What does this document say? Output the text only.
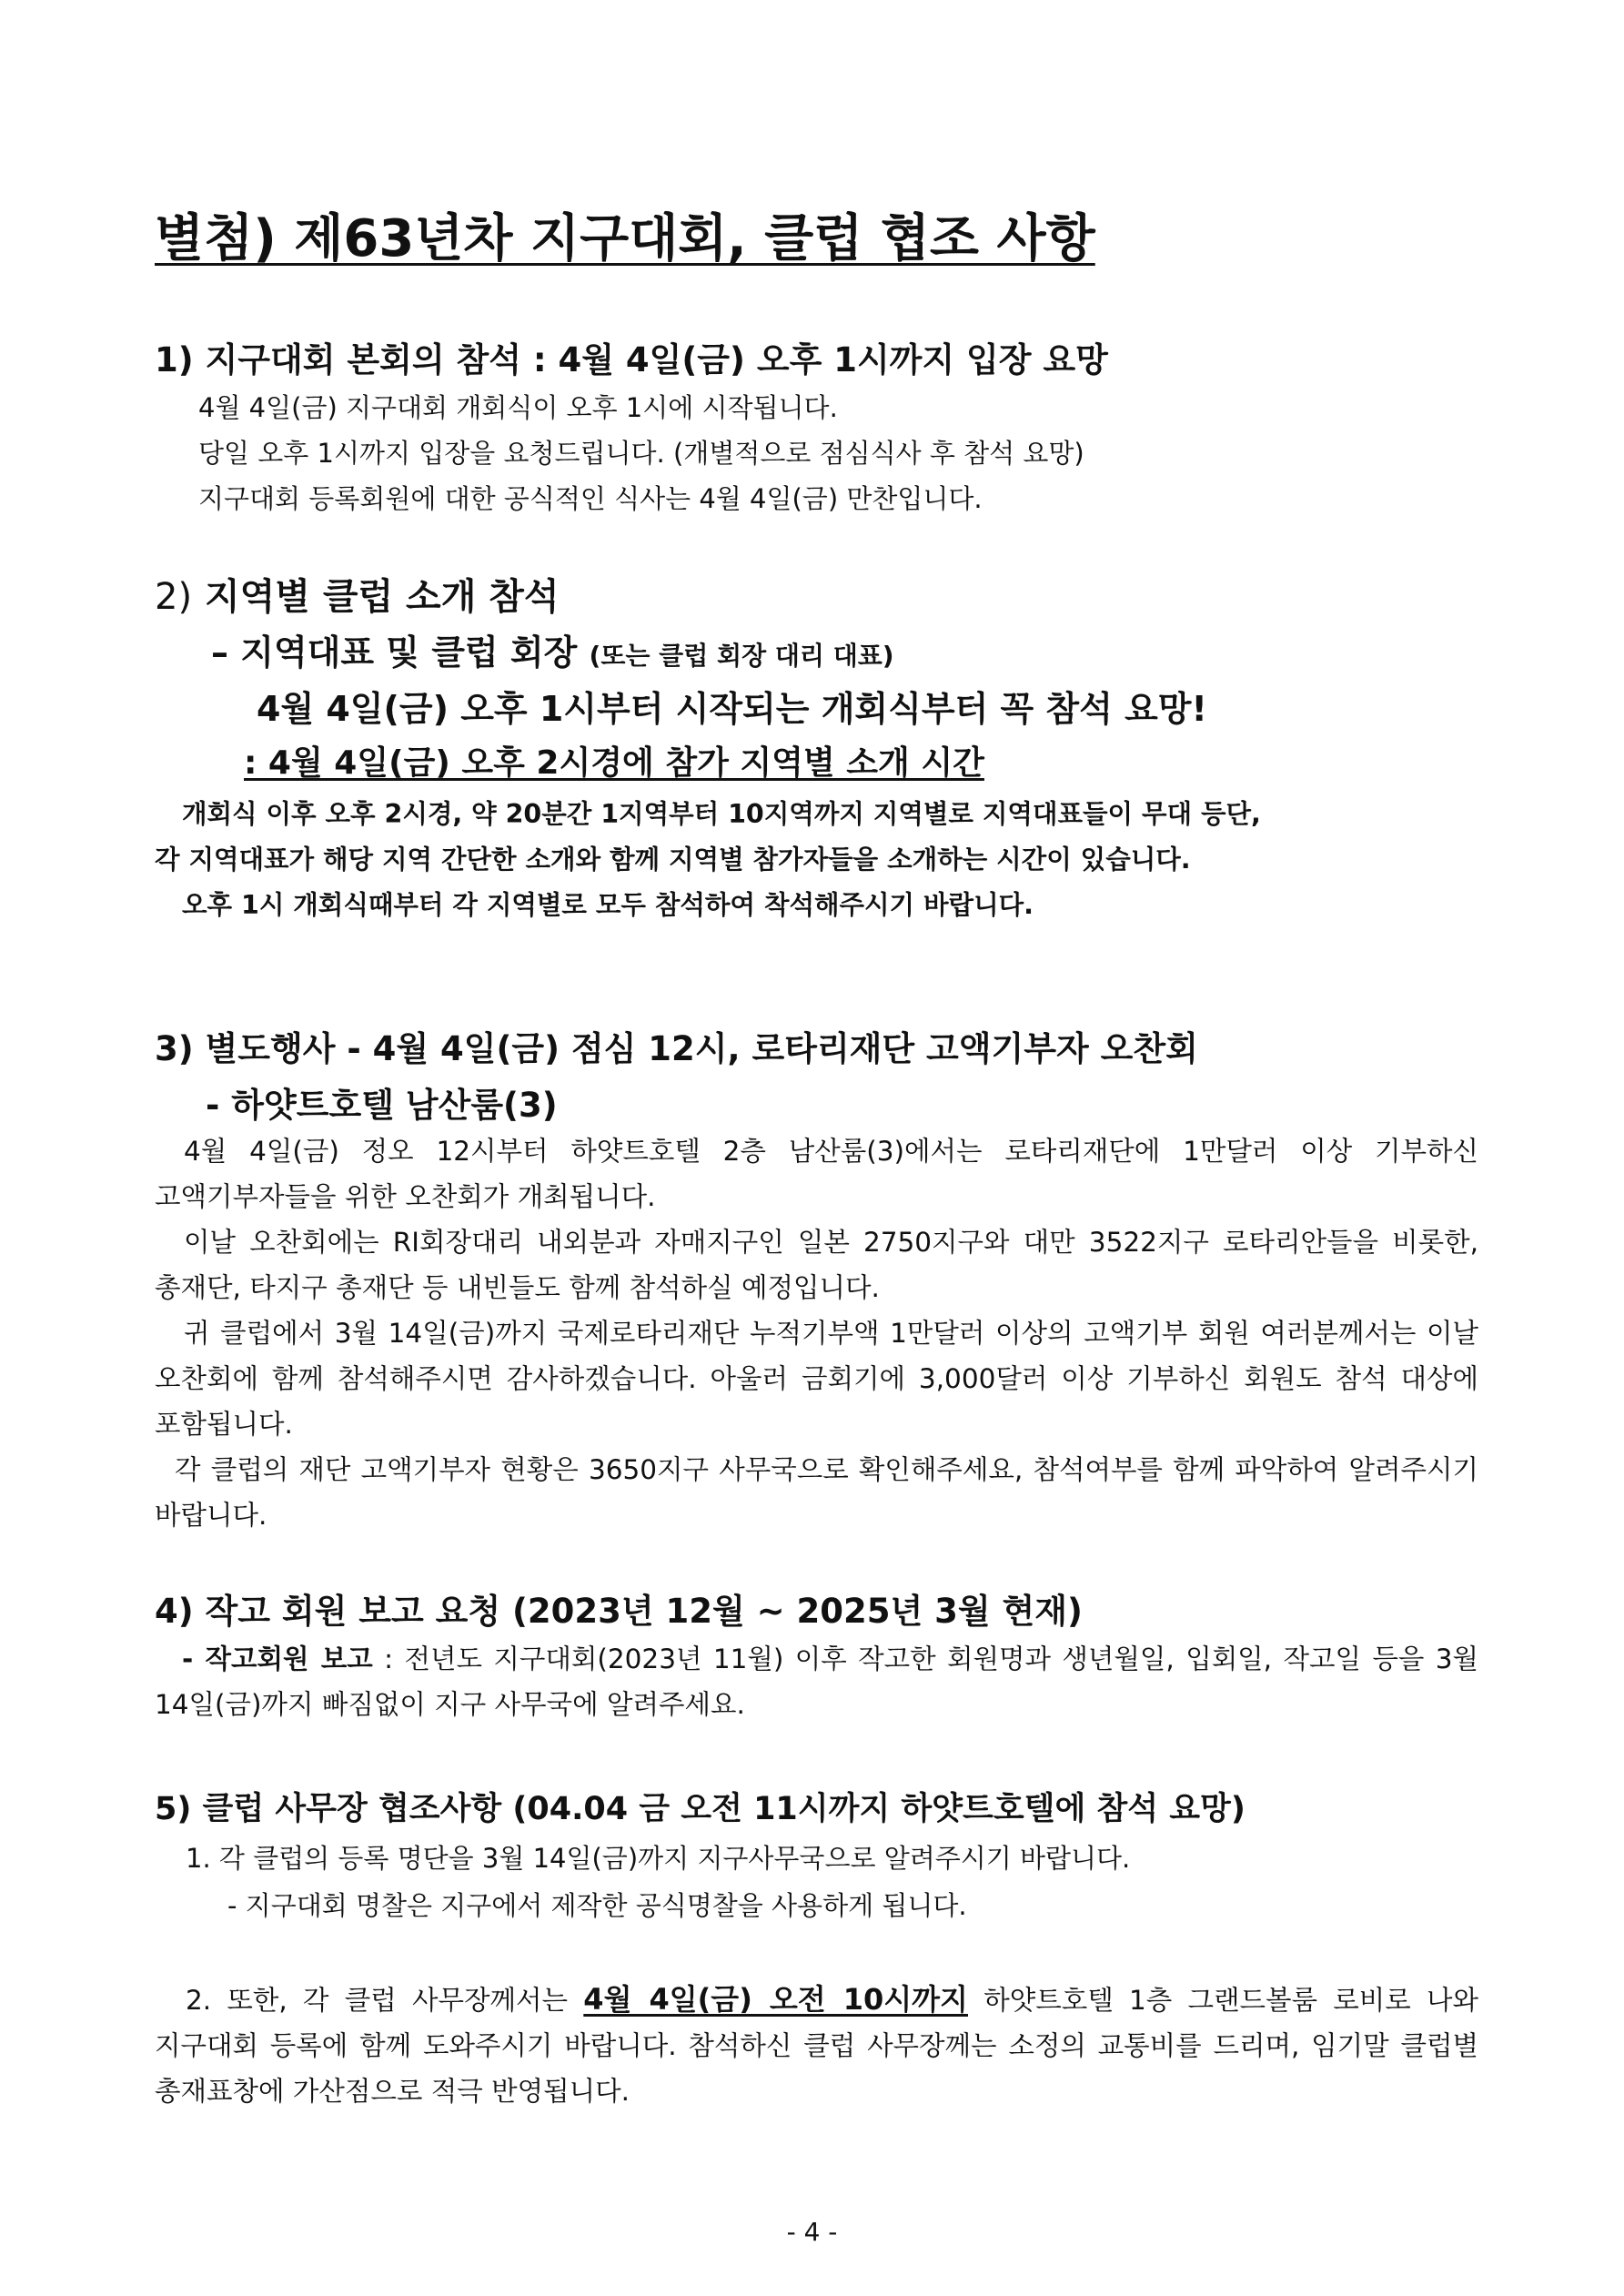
별첨) 제63년차 지구대회, 클럽 협조 사항

1) 지구대회 본회의 참석 : 4월 4일(금) 오후 1시까지 입장 요망

4월 4일(금) 지구대회 개회식이 오후 1시에 시작됩니다.

당일 오후 1시까지 입장을 요청드립니다. (개별적으로 점심식사 후 참석 요망)

지구대회 등록회원에 대한 공식적인 식사는 4월 4일(금) 만찬입니다.

2) 지역별 클럽 소개 참석

– 지역대표 및 클럽 회장 (또는 클럽 회장 대리 대표)

4월 4일(금) 오후 1시부터 시작되는 개회식부터 꼭 참석 요망!

: 4월 4일(금) 오후 2시경에 참가 지역별 소개 시간

개회식 이후 오후 2시경, 약 20분간 1지역부터 10지역까지 지역별로 지역대표들이 무대 등단,

각 지역대표가 해당 지역 간단한 소개와 함께 지역별 참가자들을 소개하는 시간이 있습니다.

오후 1시 개회식때부터 각 지역별로 모두 참석하여 착석해주시기 바랍니다.

3) 별도행사 - 4월 4일(금) 점심 12시, 로타리재단 고액기부자 오찬회

- 하얏트호텔 남산룸(3)

4월 4일(금) 정오 12시부터 하얏트호텔 2층 남산룸(3)에서는 로타리재단에 1만달러 이상 기부하신 고액기부자들을 위한 오찬회가 개최됩니다.

이날 오찬회에는 RI회장대리 내외분과 자매지구인 일본 2750지구와 대만 3522지구 로타리안들을 비롯한, 총재단, 타지구 총재단 등 내빈들도 함께 참석하실 예정입니다.

귀 클럽에서 3월 14일(금)까지 국제로타리재단 누적기부액 1만달러 이상의 고액기부 회원 여러분께서는 이날 오찬회에 함께 참석해주시면 감사하겠습니다. 아울러 금회기에 3,000달러 이상 기부하신 회원도 참석 대상에 포함됩니다.

각 클럽의 재단 고액기부자 현황은 3650지구 사무국으로 확인해주세요, 참석여부를 함께 파악하여 알려주시기 바랍니다.

4) 작고 회원 보고 요청 (2023년 12월 ~ 2025년 3월 현재)

- 작고회원 보고 : 전년도 지구대회(2023년 11월) 이후 작고한 회원명과 생년월일, 입회일, 작고일 등을 3월 14일(금)까지 빠짐없이 지구 사무국에 알려주세요.

5) 클럽 사무장 협조사항 (04.04 금 오전 11시까지 하얏트호텔에 참석 요망)

1. 각 클럽의 등록 명단을 3월 14일(금)까지 지구사무국으로 알려주시기 바랍니다.

- 지구대회 명찰은 지구에서 제작한 공식명찰을 사용하게 됩니다.

2. 또한, 각 클럽 사무장께서는 4월 4일(금) 오전 10시까지 하얏트호텔 1층 그랜드볼룸 로비로 나와 지구대회 등록에 함께 도와주시기 바랍니다. 참석하신 클럽 사무장께는 소정의 교통비를 드리며, 임기말 클럽별 총재표창에 가산점으로 적극 반영됩니다.

- 4 -
